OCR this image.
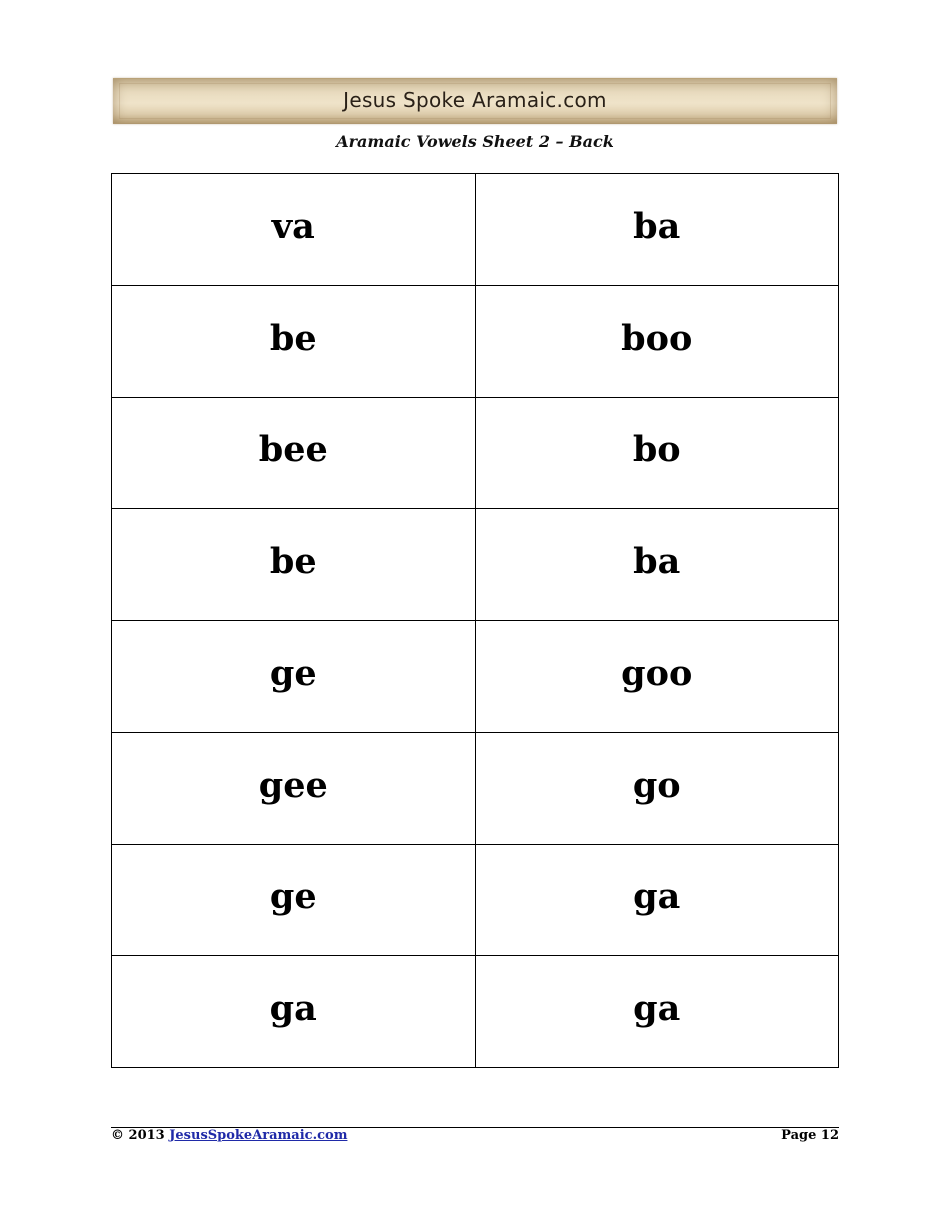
Jesus Spoke Aramaic.com
Aramaic Vowels Sheet 2 – Back
va	ba
be	boo
bee	bo
be	ba
ge	goo
gee	go
ge	ga
ga	ga
© 2013 JesusSpokeAramaic.com	Page 12
